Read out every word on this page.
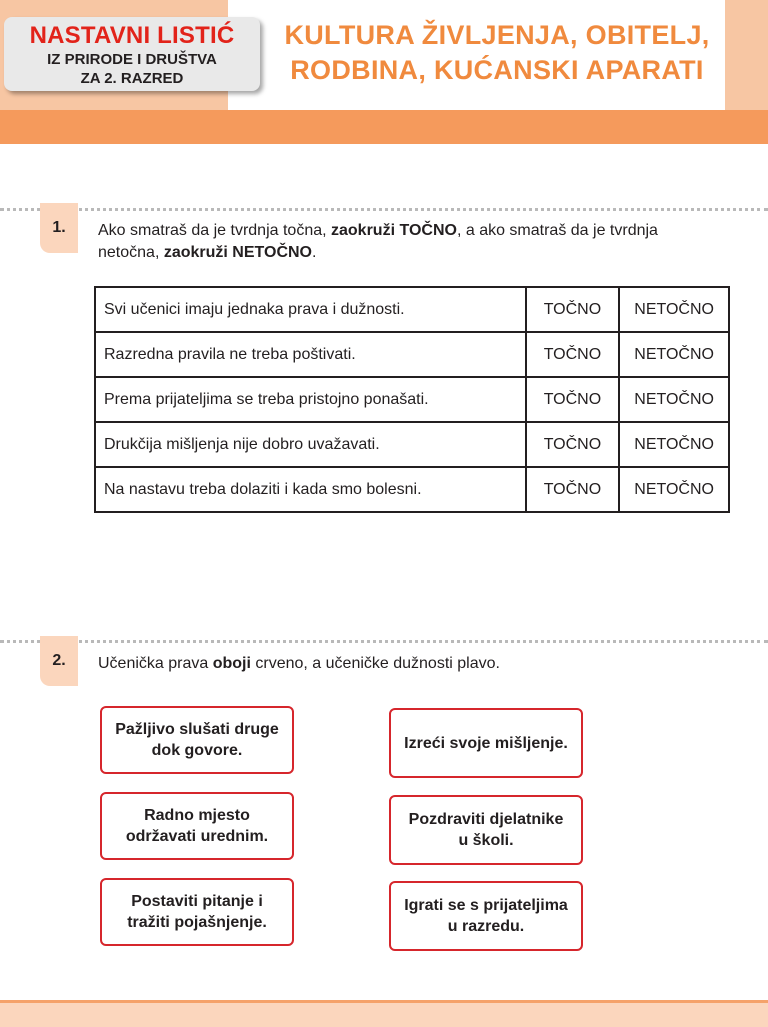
NASTAVNI LISTIĆ
IZ PRIRODE I DRUŠTVA
ZA 2. RAZRED
KULTURA ŽIVLJENJA, OBITELJ,
RODBINA, KUĆANSKI APARATI
1.	Ako smatraš da je tvrdnja točna, zaokruži TOČNO, a ako smatraš da je tvrdnja
netočna, zaokruži NETOČNO.
Svi učenici imaju jednaka prava i dužnosti.	TOČNO	NETOČNO
Razredna pravila ne treba poštivati.	TOČNO	NETOČNO
Prema prijateljima se treba pristojno ponašati.	TOČNO	NETOČNO
Drukčija mišljenja nije dobro uvažavati.	TOČNO	NETOČNO
Na nastavu treba dolaziti i kada smo bolesni.	TOČNO	NETOČNO
2.	Učenička prava oboji crveno, a učeničke dužnosti plavo.
Pažljivo slušati druge
dok govore.
Radno mjesto
održavati urednim.
Postaviti pitanje i
tražiti pojašnjenje.
Izreći svoje mišljenje.
Pozdraviti djelatnike
u školi.
Igrati se s prijateljima
u razredu.
